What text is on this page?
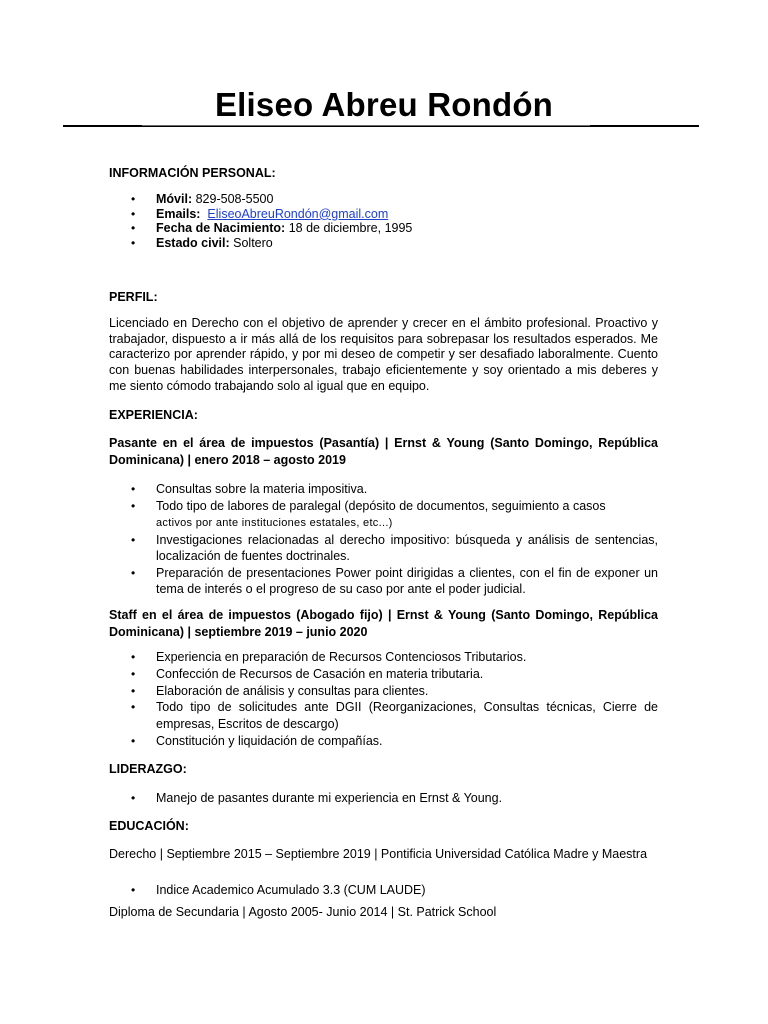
Eliseo Abreu Rondón
INFORMACIÓN PERSONAL:
• Móvil: 829-508-5500
• Emails: EliseoAbreuRondón@gmail.com
• Fecha de Nacimiento: 18 de diciembre, 1995
• Estado civil: Soltero
PERFIL:
Licenciado en Derecho con el objetivo de aprender y crecer en el ámbito profesional. Proactivo y trabajador, dispuesto a ir más allá de los requisitos para sobrepasar los resultados esperados. Me caracterizo por aprender rápido, y por mi deseo de competir y ser desafiado laboralmente. Cuento con buenas habilidades interpersonales, trabajo eficientemente y soy orientado a mis deberes y me siento cómodo trabajando solo al igual que en equipo.
EXPERIENCIA:
Pasante en el área de impuestos (Pasantía) | Ernst & Young (Santo Domingo, República Dominicana) | enero 2018 – agosto 2019
• Consultas sobre la materia impositiva.
• Todo tipo de labores de paralegal (depósito de documentos, seguimiento a casos
activos por ante instituciones estatales, etc...)
• Investigaciones relacionadas al derecho impositivo: búsqueda y análisis de sentencias, localización de fuentes doctrinales.
• Preparación de presentaciones Power point dirigidas a clientes, con el fin de exponer un tema de interés o el progreso de su caso por ante el poder judicial.
Staff en el área de impuestos (Abogado fijo) | Ernst & Young (Santo Domingo, República Dominicana) | septiembre 2019 – junio 2020
• Experiencia en preparación de Recursos Contenciosos Tributarios.
• Confección de Recursos de Casación en materia tributaria.
• Elaboración de análisis y consultas para clientes.
• Todo tipo de solicitudes ante DGII (Reorganizaciones, Consultas técnicas, Cierre de empresas, Escritos de descargo)
• Constitución y liquidación de compañías.
LIDERAZGO:
• Manejo de pasantes durante mi experiencia en Ernst & Young.
EDUCACIÓN:
Derecho | Septiembre 2015 – Septiembre 2019 | Pontificia Universidad Católica Madre y Maestra
• Indice Academico Acumulado 3.3 (CUM LAUDE)
Diploma de Secundaria | Agosto 2005- Junio 2014 | St. Patrick School
